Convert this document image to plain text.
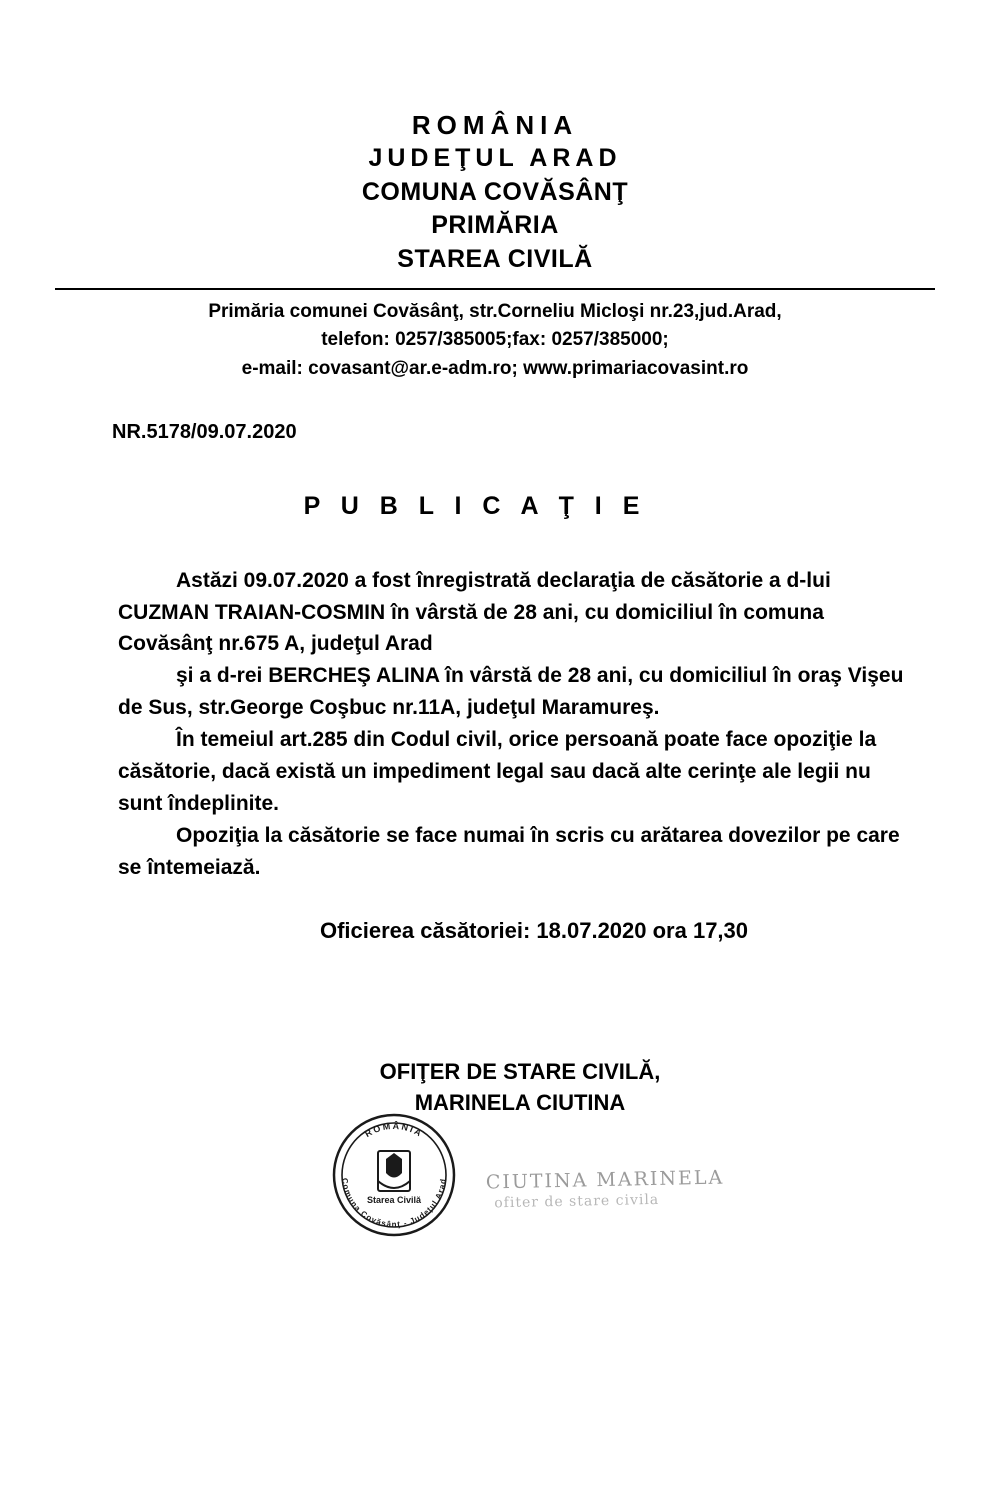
ROMÂNIA
JUDEŢUL ARAD
COMUNA COVĂSÂNŢ
PRIMĂRIA
STAREA CIVILĂ
Primăria comunei Covăsânţ, str.Corneliu Micloşi nr.23,jud.Arad,
telefon: 0257/385005;fax: 0257/385000;
e-mail: covasant@ar.e-adm.ro; www.primariacovasint.ro
NR.5178/09.07.2020
P U B L I C A Ţ I E

Astăzi 09.07.2020 a fost înregistrată declaraţia de căsătorie a d-lui CUZMAN TRAIAN-COSMIN în vârstă de 28 ani, cu domiciliul în comuna Covăsânţ nr.675 A, judeţul Arad

şi a d-rei BERCHEŞ ALINA în vârstă de 28 ani, cu domiciliul în oraş Vişeu de Sus, str.George Coşbuc nr.11A, judeţul Maramureş.

În temeiul art.285 din Codul civil, orice persoană poate face opoziţie la căsătorie, dacă există un impediment legal sau dacă alte cerinţe ale legii nu sunt îndeplinite.

Opoziţia la căsătorie se face numai în scris cu arătarea dovezilor pe care se întemeiază.

Oficierea căsătoriei: 18.07.2020 ora 17,30
OFIŢER DE STARE CIVILĂ,
MARINELA CIUTINA
ROMÂNIA
Comuna Covăsânţ - Judeţul Arad
Starea Civilă
CIUTINA MARINELA
ofiter de stare civila
